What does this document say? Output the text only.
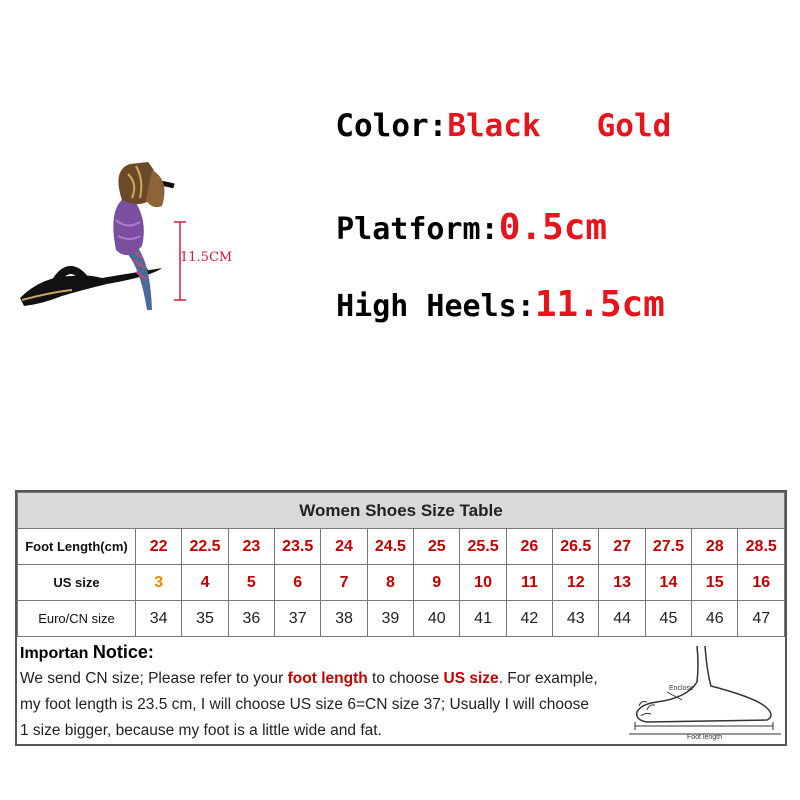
Color:Black Gold

Platform:0.5cm

High Heels:11.5cm

11.5CM
Women Shoes Size Table														
Foot Length(cm)	22	22.5	23	23.5	24	24.5	25	25.5	26	26.5	27	27.5	28	28.5
US size	3	4	5	6	7	8	9	10	11	12	13	14	15	16
Euro/CN size	34	35	36	37	38	39	40	41	42	43	44	45	46	47
Importan Notice:
We send CN size; Please refer to your foot length to choose US size. For example,
my foot length is 23.5 cm, I will choose US size 6=CN size 37; Usually I will choose
1 size bigger, because my foot is a little wide and fat.
Enclose
Foot length
